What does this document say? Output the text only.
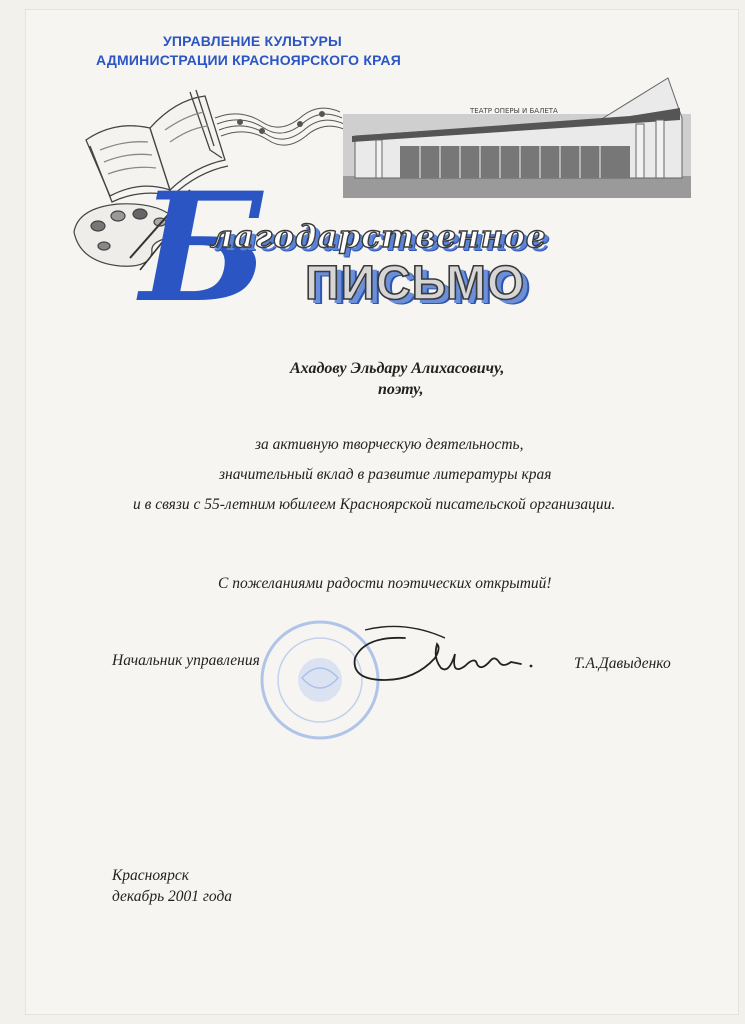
УПРАВЛЕНИЕ КУЛЬТУРЫ
АДМИНИСТРАЦИИ КРАСНОЯРСКОГО КРАЯ
ТЕАТР ОПЕРЫ И БАЛЕТА
Б
лагодарственное
ПИСЬМО
Ахадову Эльдару Алихасовичу,
поэту,
за активную творческую деятельность,
значительный вклад в развитие литературы края
и в связи с 55-летним юбилеем Красноярской писательской организации.
С пожеланиями радости поэтических открытий!
Начальник управления	Т.А.Давыденко
Красноярск
декабрь 2001 года
